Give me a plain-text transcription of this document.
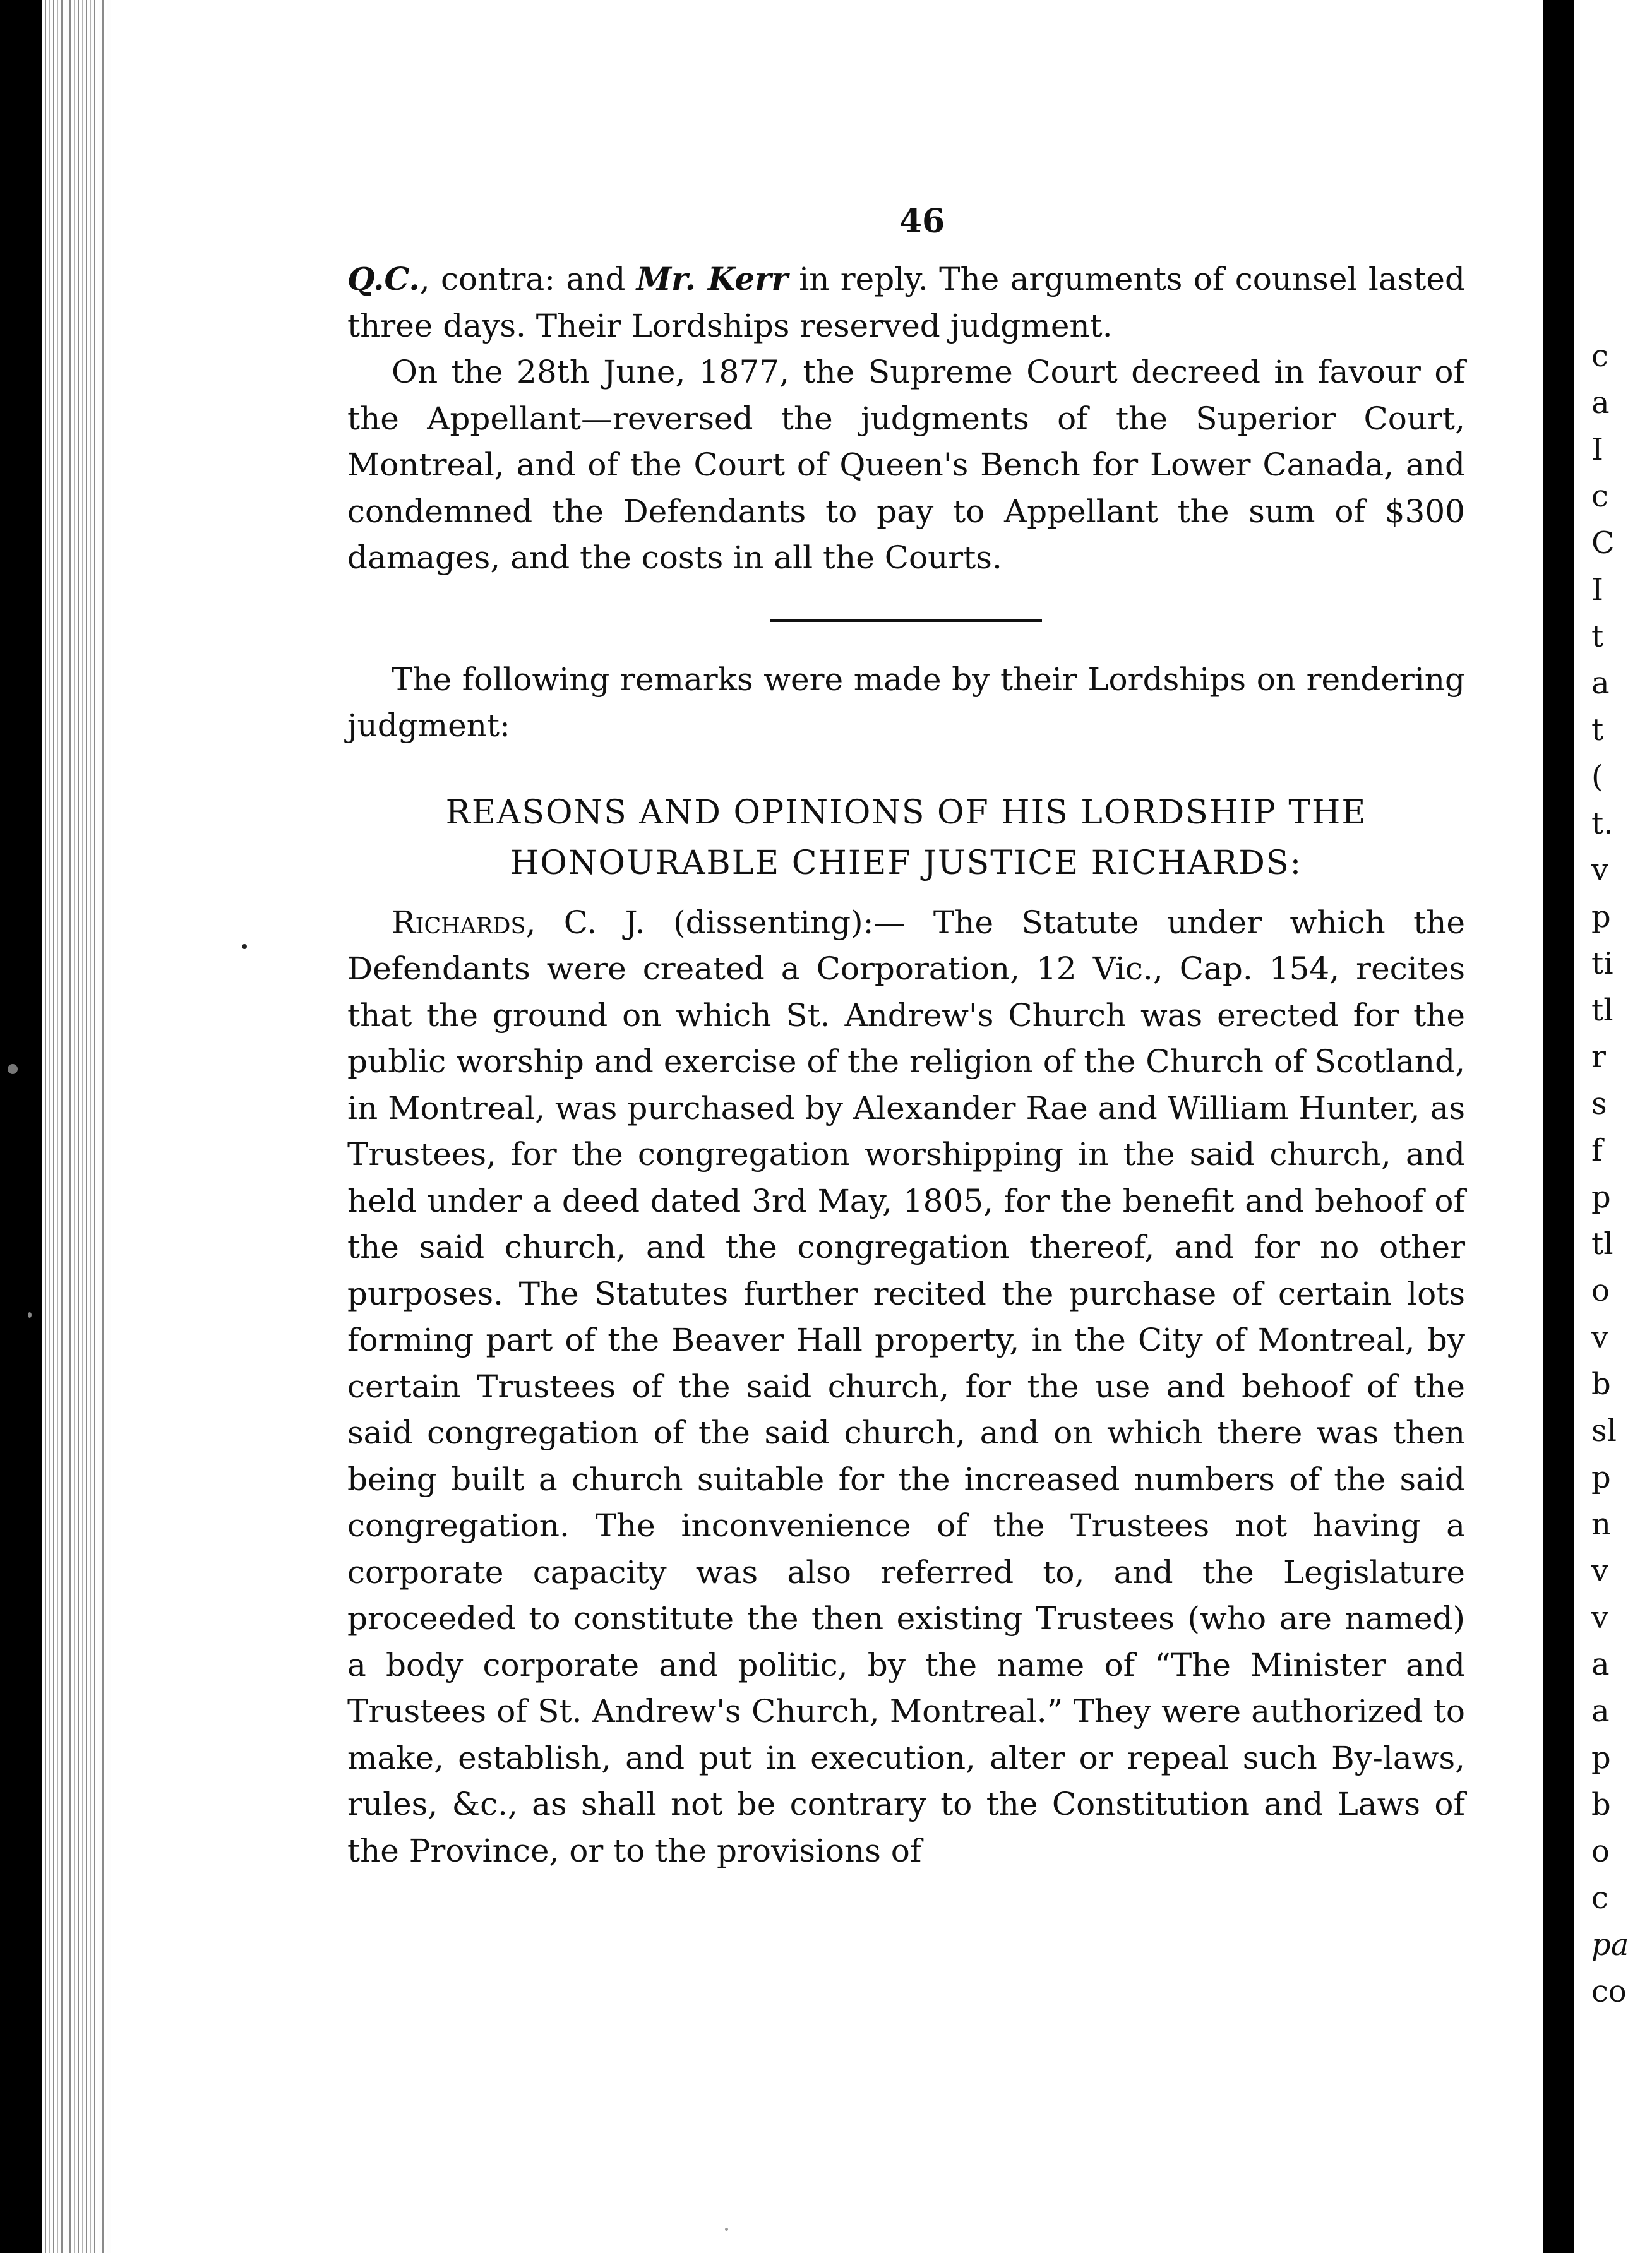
c
a
I
c
C
I
t
a
t
(
t.
v
p
ti
tl
r
s
f
p
tl
o
v
b
sl
p
n
v
v
a
a
p
b
o
c
pa
co
46

Q.C., contra: and Mr. Kerr in reply. The arguments of counsel lasted three days. Their Lordships reserved judgment.

On the 28th June, 1877, the Supreme Court decreed in favour of the Appellant—reversed the judgments of the Superior Court, Montreal, and of the Court of Queen's Bench for Lower Canada, and condemned the Defendants to pay to Appellant the sum of $300 damages, and the costs in all the Courts.

The following remarks were made by their Lordships on rendering judgment:

REASONS AND OPINIONS OF HIS LORDSHIP THE
HONOURABLE CHIEF JUSTICE RICHARDS:

Richards, C. J. (dissenting):— The Statute under which the Defendants were created a Corporation, 12 Vic., Cap. 154, recites that the ground on which St. Andrew's Church was erected for the public worship and exercise of the religion of the Church of Scotland, in Montreal, was purchased by Alexander Rae and William Hunter, as Trustees, for the congregation worshipping in the said church, and held under a deed dated 3rd May, 1805, for the benefit and behoof of the said church, and the congregation thereof, and for no other purposes. The Statutes further recited the purchase of certain lots forming part of the Beaver Hall property, in the City of Montreal, by certain Trustees of the said church, for the use and behoof of the said congregation of the said church, and on which there was then being built a church suitable for the increased numbers of the said congregation. The inconvenience of the Trustees not having a corporate capacity was also referred to, and the Legislature proceeded to constitute the then existing Trustees (who are named) a body corporate and politic, by the name of “The Minister and Trustees of St. Andrew's Church, Montreal.” They were authorized to make, establish, and put in execution, alter or repeal such By-laws, rules, &c., as shall not be contrary to the Constitution and Laws of the Province, or to the provisions of
